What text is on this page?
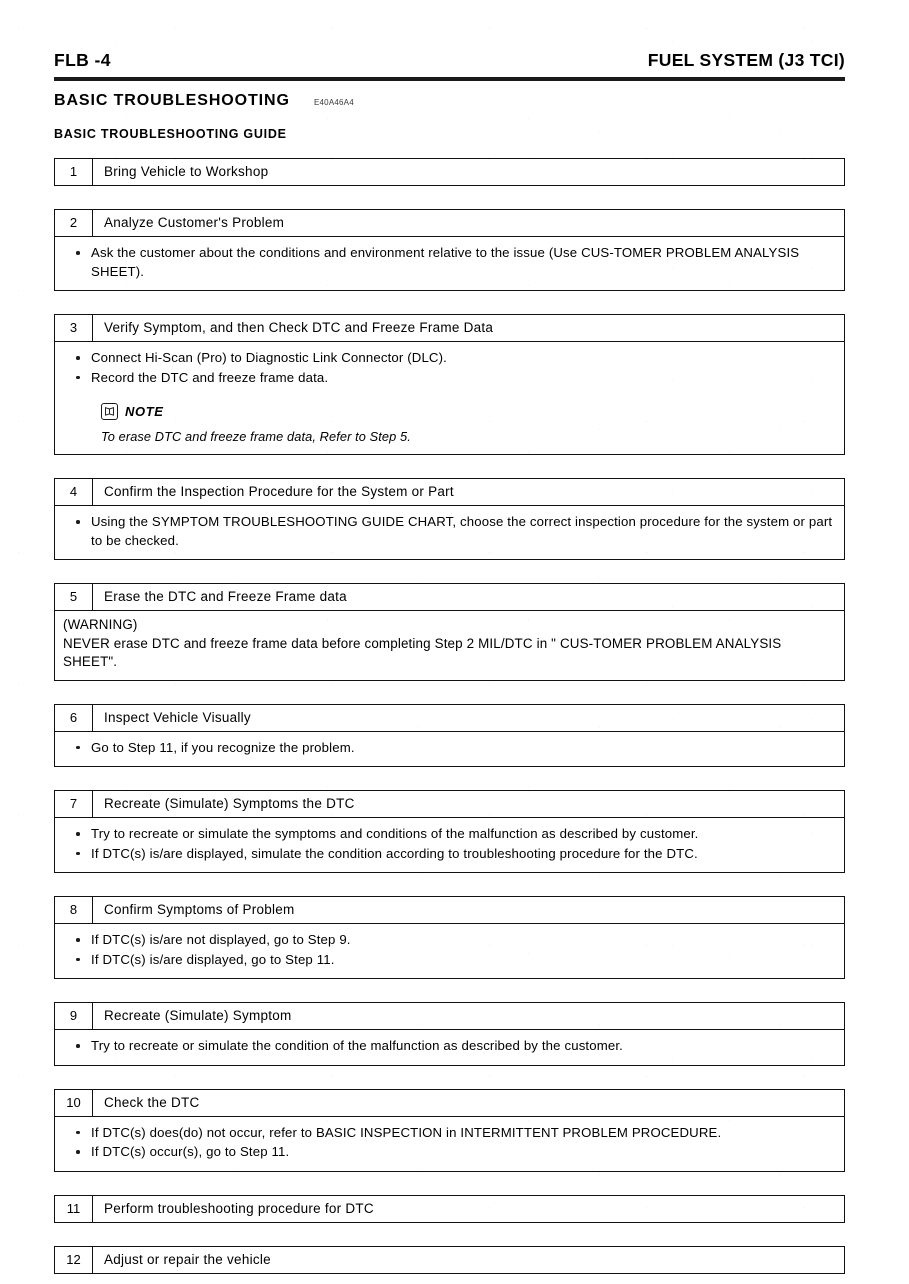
FLB -4	FUEL SYSTEM (J3 TCI)
BASIC TROUBLESHOOTING	E40A46A4
BASIC TROUBLESHOOTING GUIDE
1	Bring Vehicle to Workshop
2	Analyze Customer's Problem
Ask the customer about the conditions and environment relative to the issue (Use CUS-TOMER PROBLEM ANALYSIS SHEET).
3	Verify Symptom, and then Check DTC and Freeze Frame Data
Connect Hi-Scan (Pro) to Diagnostic Link Connector (DLC).
Record the DTC and freeze frame data.
NOTE
To erase DTC and freeze frame data, Refer to Step 5.
4	Confirm the Inspection Procedure for the System or Part
Using the SYMPTOM TROUBLESHOOTING GUIDE CHART, choose the correct inspection procedure for the system or part to be checked.
5	Erase the DTC and Freeze Frame data
(WARNING)
NEVER erase DTC and freeze frame data before completing Step 2 MIL/DTC in " CUS-TOMER PROBLEM ANALYSIS SHEET".
6	Inspect Vehicle Visually
Go to Step 11, if you recognize the problem.
7	Recreate (Simulate) Symptoms the DTC
Try to recreate or simulate the symptoms and conditions of the malfunction as described by customer.
If DTC(s) is/are displayed, simulate the condition according to troubleshooting procedure for the DTC.
8	Confirm Symptoms of Problem
If DTC(s) is/are not displayed, go to Step 9.
If DTC(s) is/are displayed, go to Step 11.
9	Recreate (Simulate) Symptom
Try to recreate or simulate the condition of the malfunction as described by the customer.
10	Check the DTC
If DTC(s) does(do) not occur, refer to BASIC INSPECTION in INTERMITTENT PROBLEM PROCEDURE.
If DTC(s) occur(s), go to Step 11.
11	Perform troubleshooting procedure for DTC
12	Adjust or repair the vehicle
